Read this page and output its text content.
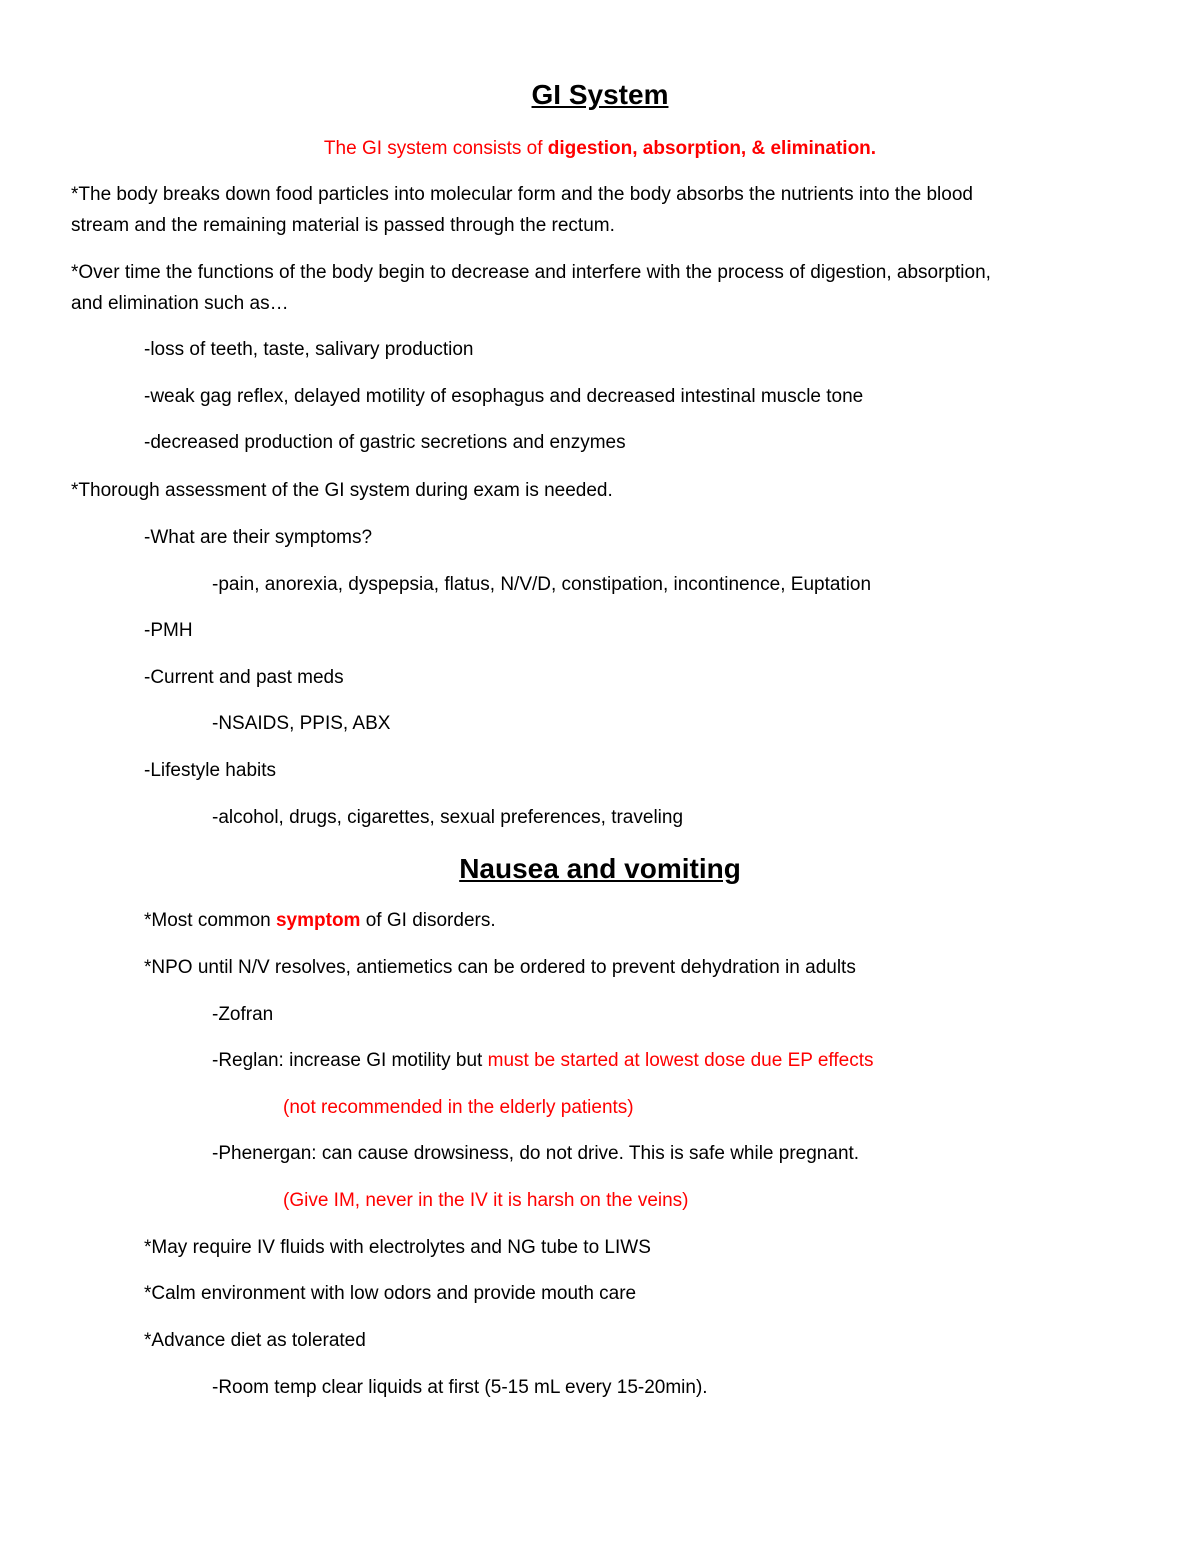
GI System
The GI system consists of digestion, absorption, & elimination.
*The body breaks down food particles into molecular form and the body absorbs the nutrients into the blood
stream and the remaining material is passed through the rectum.
*Over time the functions of the body begin to decrease and interfere with the process of digestion, absorption,
and elimination such as…
-loss of teeth, taste, salivary production
-weak gag reflex, delayed motility of esophagus and decreased intestinal muscle tone
-decreased production of gastric secretions and enzymes
*Thorough assessment of the GI system during exam is needed.
-What are their symptoms?
-pain, anorexia, dyspepsia, flatus, N/V/D, constipation, incontinence, Euptation
-PMH
-Current and past meds
-NSAIDS, PPIS, ABX
-Lifestyle habits
-alcohol, drugs, cigarettes, sexual preferences, traveling
Nausea and vomiting
*Most common symptom of GI disorders.
*NPO until N/V resolves, antiemetics can be ordered to prevent dehydration in adults
-Zofran
-Reglan: increase GI motility but must be started at lowest dose due EP effects
(not recommended in the elderly patients)
-Phenergan: can cause drowsiness, do not drive. This is safe while pregnant.
(Give IM, never in the IV it is harsh on the veins)
*May require IV fluids with electrolytes and NG tube to LIWS
*Calm environment with low odors and provide mouth care
*Advance diet as tolerated
-Room temp clear liquids at first (5-15 mL every 15-20min).
